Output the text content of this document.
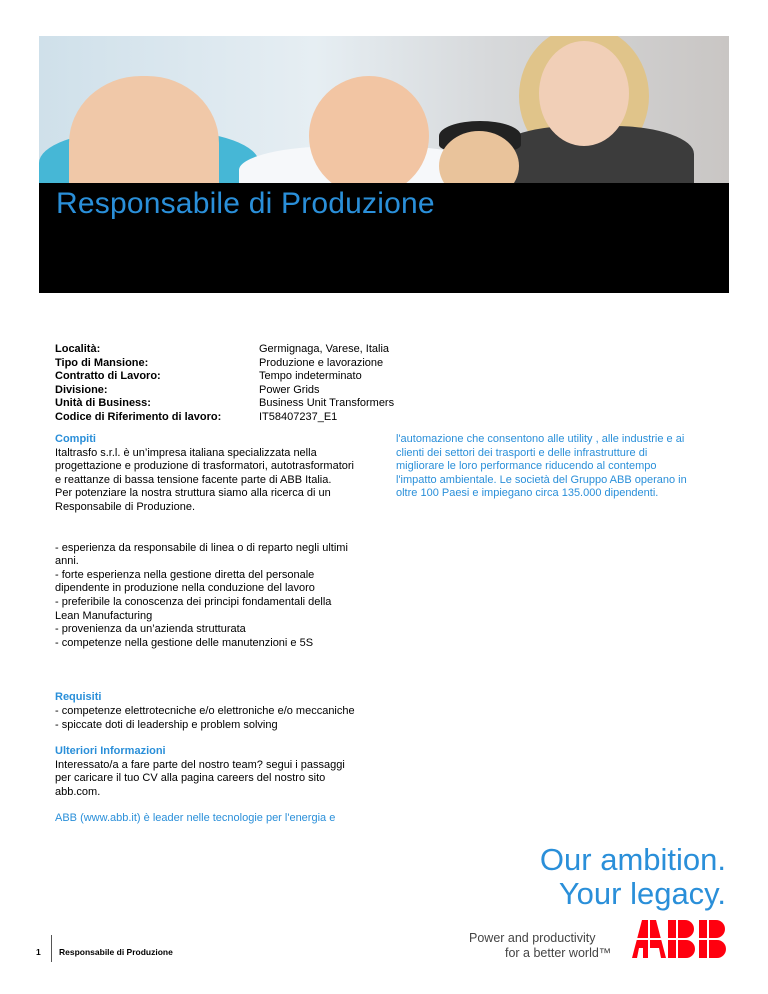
Responsabile di Produzione
Località:	Germignaga, Varese, Italia
Tipo di Mansione:	Produzione e lavorazione
Contratto di Lavoro:	Tempo indeterminato
Divisione:	Power Grids
Unità di Business:	Business Unit Transformers
Codice di Riferimento di lavoro:	IT58407237_E1
Compiti

Italtrasfo s.r.l. è un’impresa italiana specializzata nella
progettazione e produzione di trasformatori, autotrasformatori
e reattanze di bassa tensione facente parte di ABB Italia.
Per potenziare la nostra struttura siamo alla ricerca di un
Responsabile di Produzione.

- esperienza da responsabile di linea o di reparto negli ultimi
anni.
- forte esperienza nella gestione diretta del personale
dipendente in produzione nella conduzione del lavoro
- preferibile la conoscenza dei principi fondamentali della
Lean Manufacturing
- provenienza da un’azienda strutturata
- competenze nella gestione delle manutenzioni e 5S

Requisiti

- competenze elettrotecniche e/o elettroniche e/o meccaniche
- spiccate doti di leadership e problem solving

Ulteriori Informazioni

Interessato/a a fare parte del nostro team? segui i passaggi
per caricare il tuo CV alla pagina careers del nostro sito
abb.com.

ABB (www.abb.it) è leader nelle tecnologie per l'energia e

l'automazione che consentono alle utility , alle industrie e ai
clienti dei settori dei trasporti e delle infrastrutture di
migliorare le loro performance riducendo al contempo
l'impatto ambientale. Le società del Gruppo ABB operano in
oltre 100 Paesi e impiegano circa 135.000 dipendenti.

Our ambition.
Your legacy.
1 Responsabile di Produzione
Power and productivity
for a better world™
